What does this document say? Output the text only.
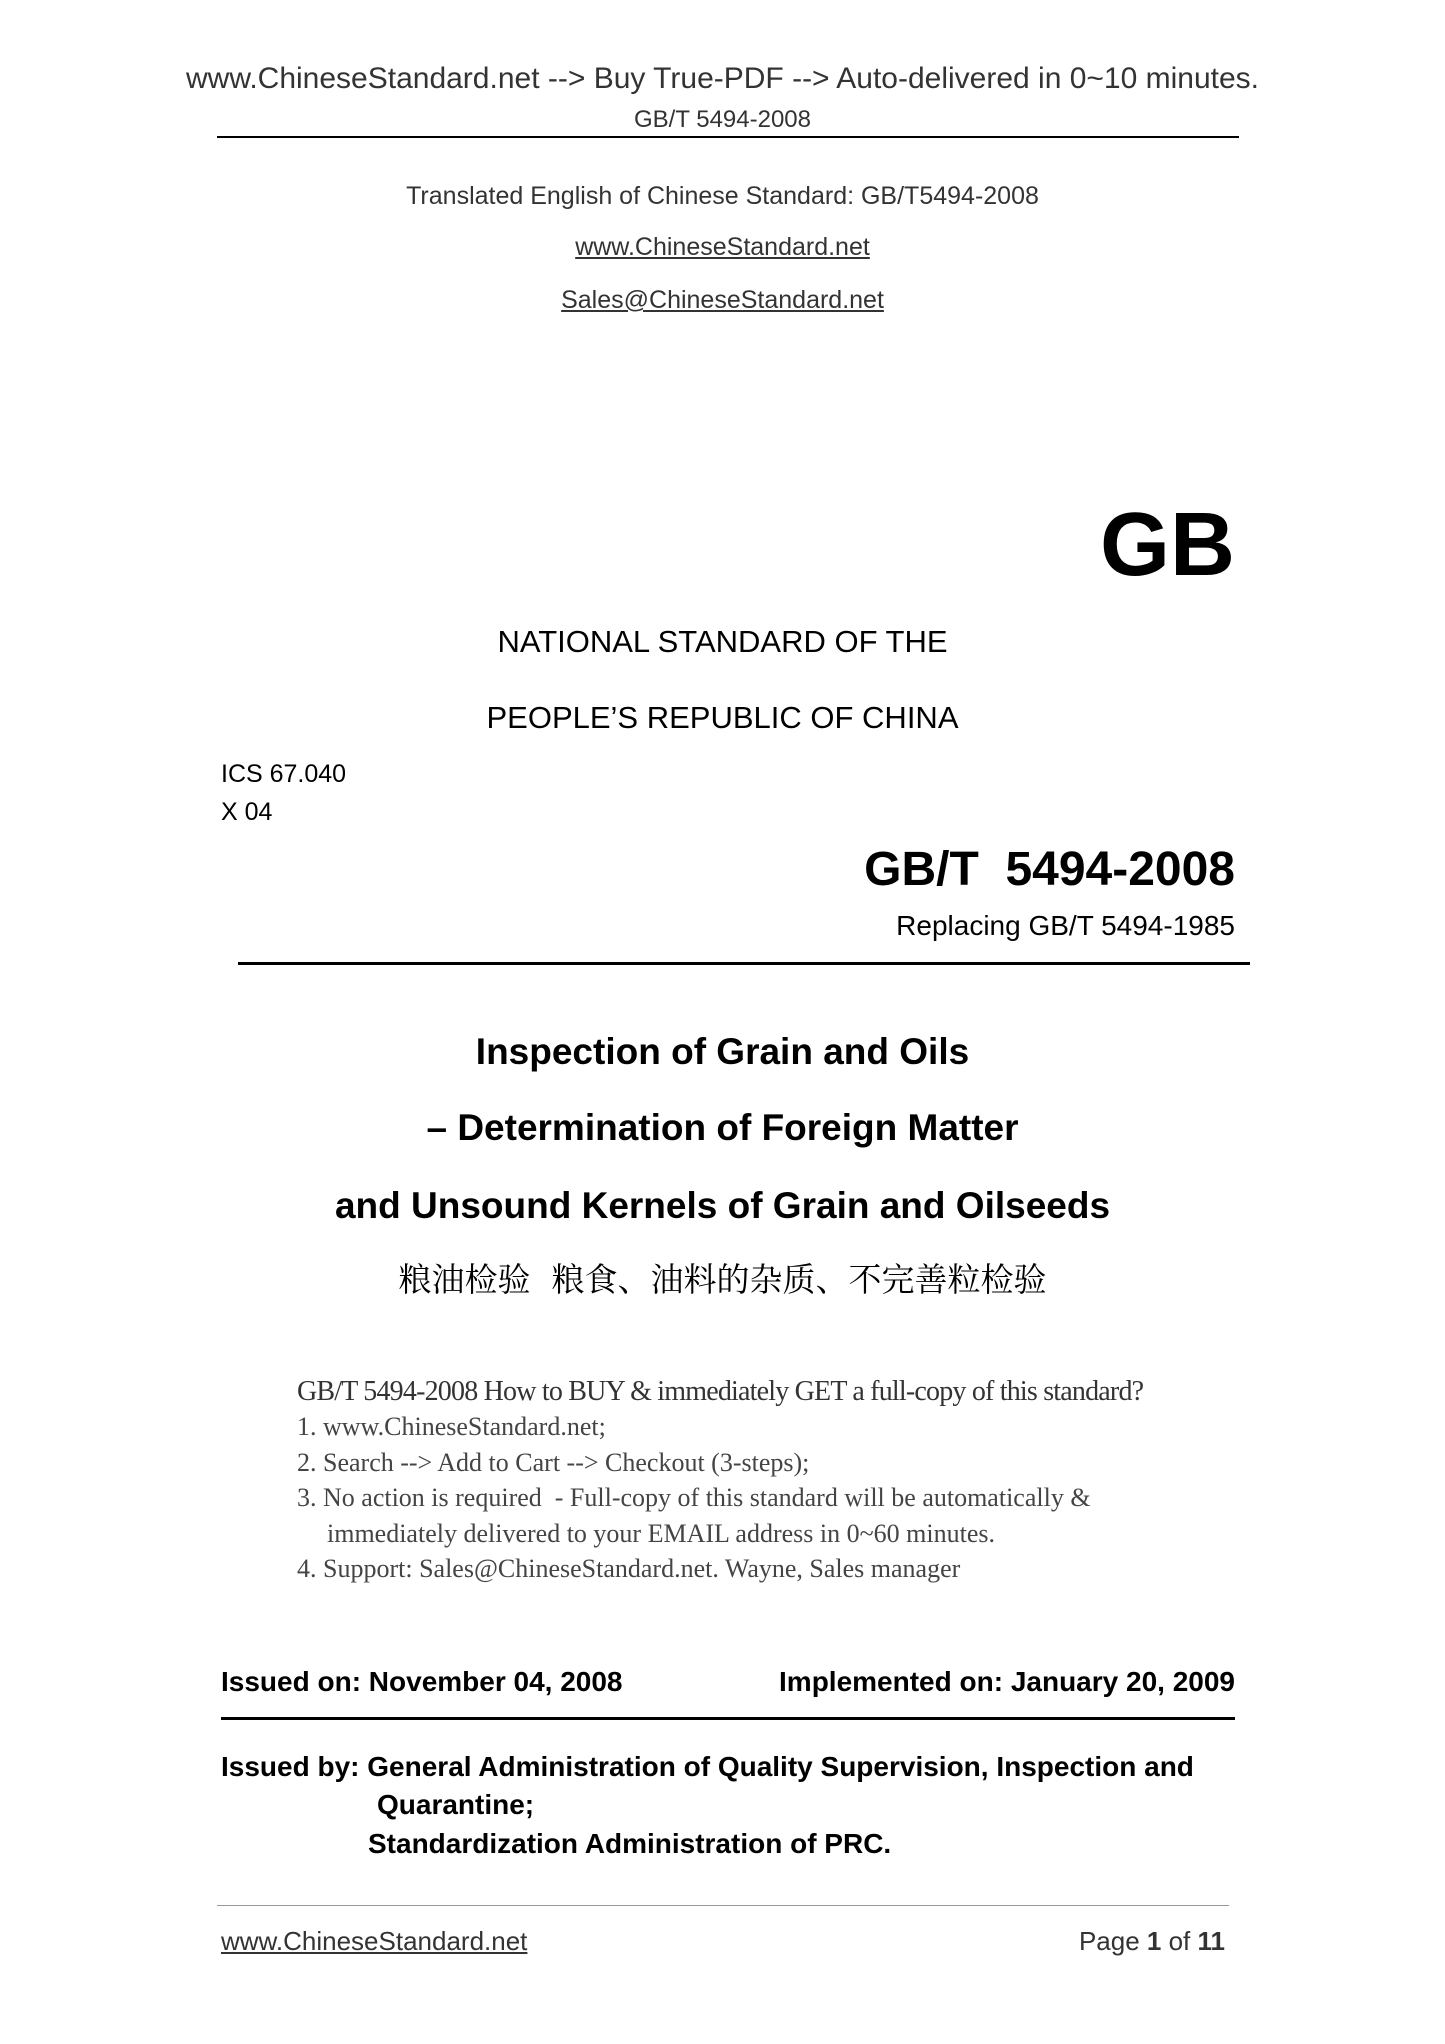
www.ChineseStandard.net --> Buy True-PDF --> Auto-delivered in 0~10 minutes.
GB/T 5494-2008
Translated English of Chinese Standard: GB/T5494-2008
www.ChineseStandard.net
Sales@ChineseStandard.net
GB
NATIONAL STANDARD OF THE
PEOPLE’S REPUBLIC OF CHINA
ICS 67.040
X 04
GB/T  5494-2008
Replacing GB/T 5494-1985
Inspection of Grain and Oils
– Determination of Foreign Matter
and Unsound Kernels of Grain and Oilseeds
粮油检验  粮食、油料的杂质、不完善粒检验
GB/T 5494-2008 How to BUY & immediately GET a full-copy of this standard?
1. www.ChineseStandard.net;
2. Search --> Add to Cart --> Checkout (3-steps);
3. No action is required  - Full-copy of this standard will be automatically &
immediately delivered to your EMAIL address in 0~60 minutes.
4. Support: Sales@ChineseStandard.net. Wayne, Sales manager
Issued on: November 04, 2008	Implemented on: January 20, 2009
Issued by: General Administration of Quality Supervision, Inspection and
Quarantine;
Standardization Administration of PRC.
www.ChineseStandard.net	Page 1 of 11
